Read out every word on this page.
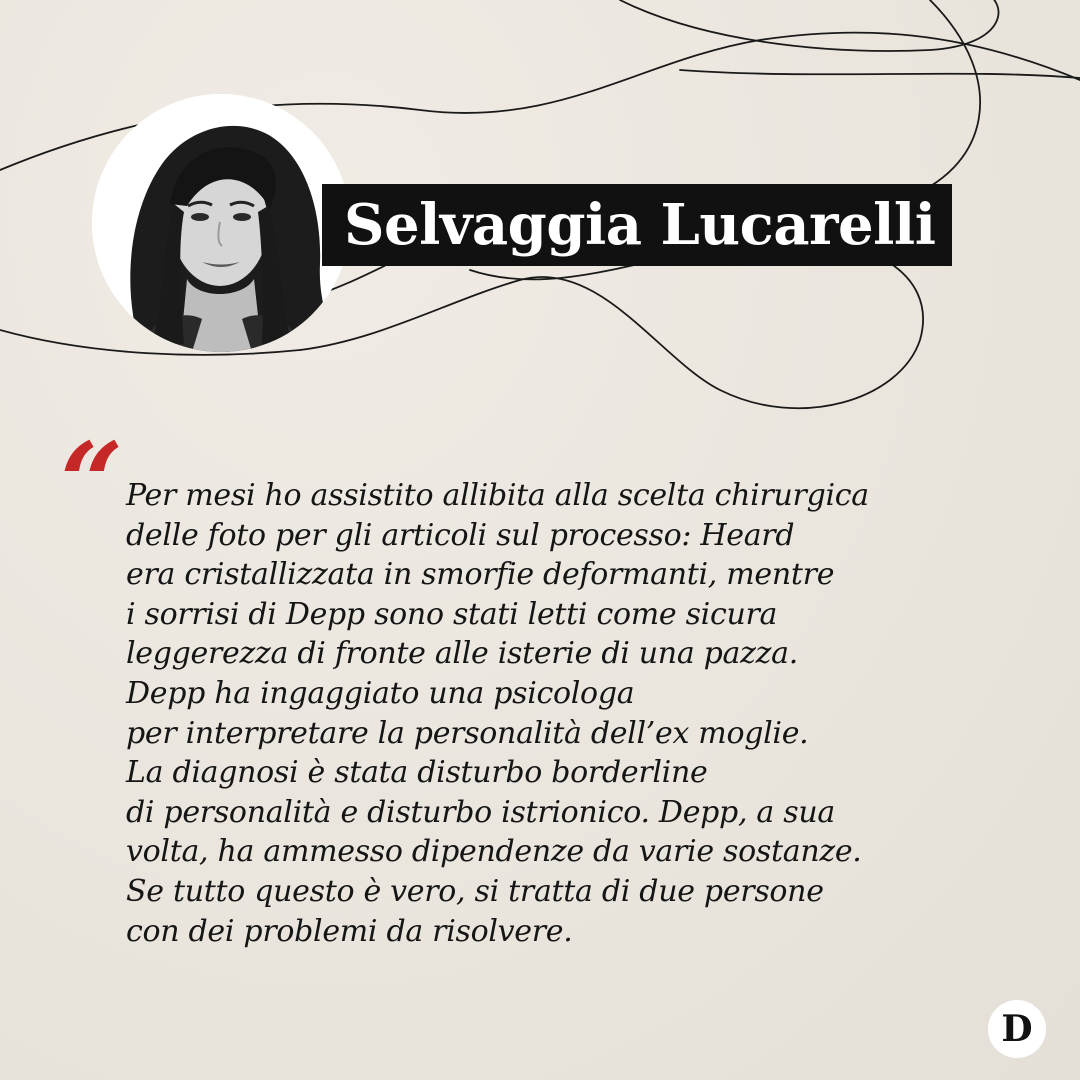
Selvaggia Lucarelli
“ Per mesi ho assistito allibita alla scelta chirurgica
delle foto per gli articoli sul processo: Heard
era cristallizzata in smorfie deformanti, mentre
i sorrisi di Depp sono stati letti come sicura
leggerezza di fronte alle isterie di una pazza.
Depp ha ingaggiato una psicologa
per interpretare la personalità dell’ex moglie.
La diagnosi è stata disturbo borderline
di personalità e disturbo istrionico. Depp, a sua
volta, ha ammesso dipendenze da varie sostanze.
Se tutto questo è vero, si tratta di due persone
con dei problemi da risolvere.
D
